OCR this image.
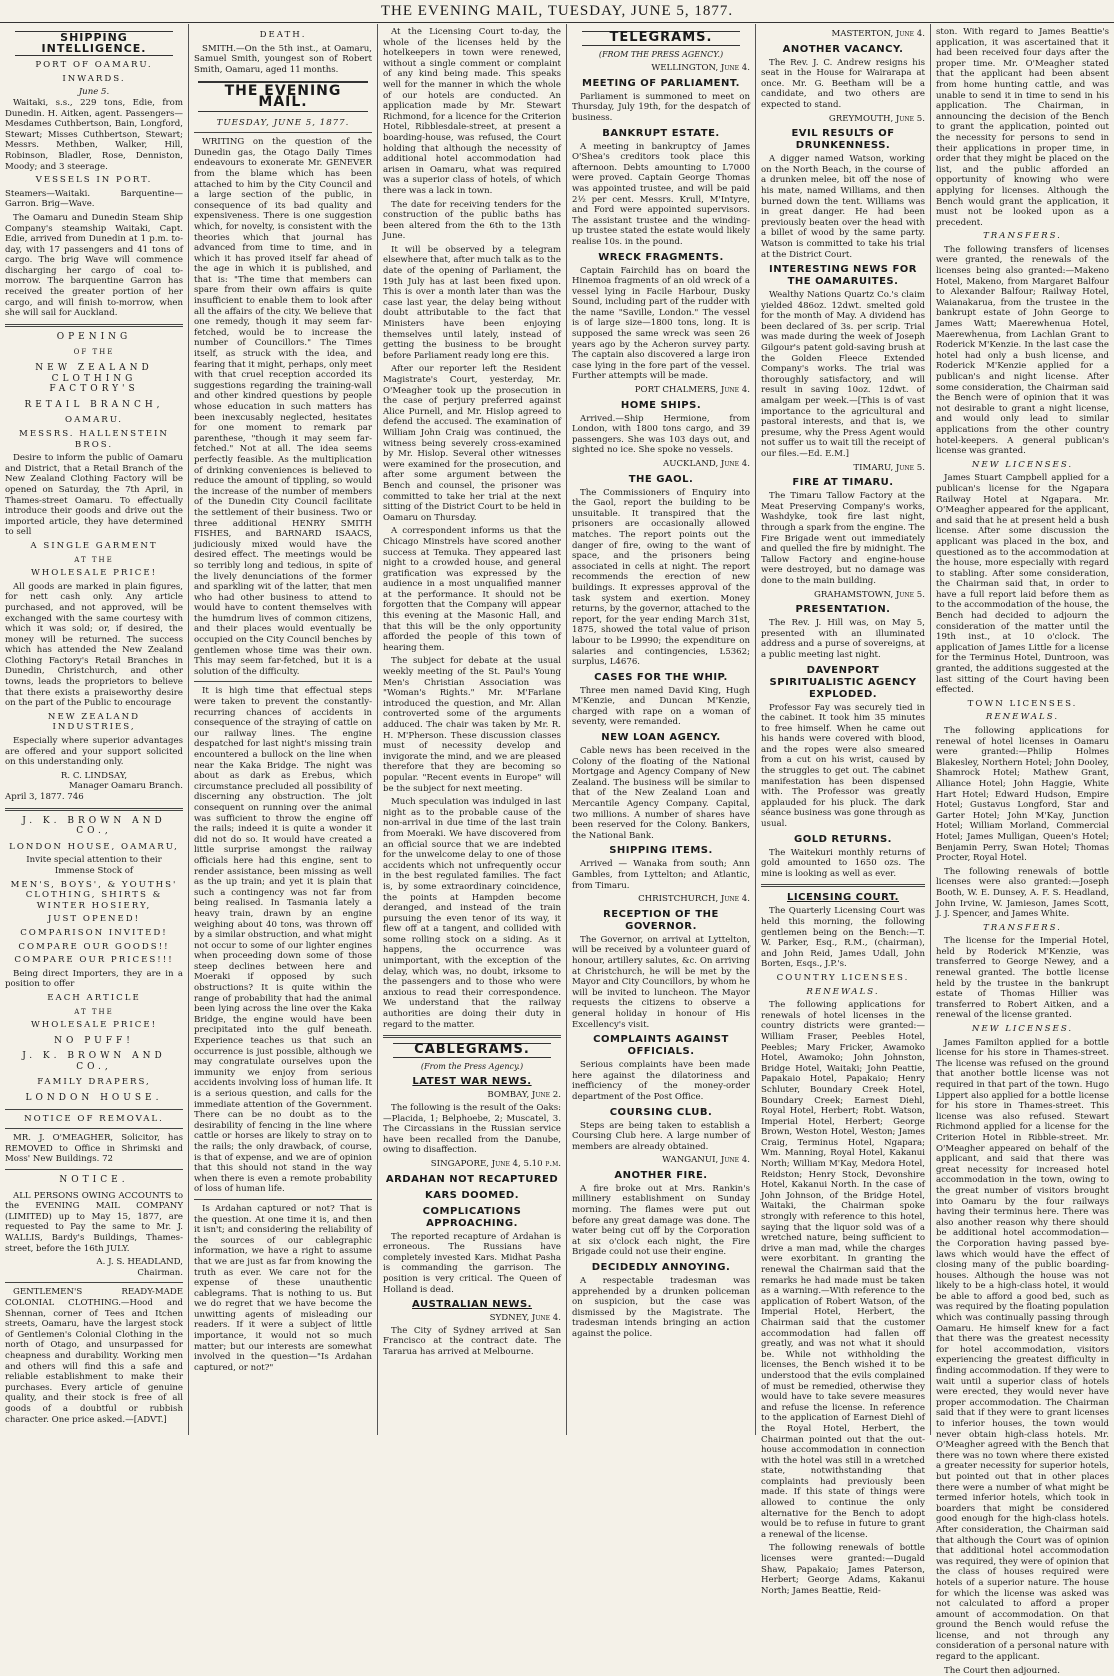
THE EVENING MAIL, TUESDAY, JUNE 5, 1877.
SHIPPING INTELLIGENCE.
PORT OF OAMARU.
INWARDS.
June 5.

Waitaki, s.s., 229 tons, Edie, from Dunedin. H. Aitken, agent. Passengers—Mesdames Cuthbertson, Bain, Longford, Stewart; Misses Cuthbertson, Stewart; Messrs. Methben, Walker, Hill, Robinson, Bladler, Rose, Denniston, Moody; and 3 steerage.

VESSELS IN PORT.

Steamers—Waitaki. Barquentine—Garron. Brig—Wave.

The Oamaru and Dunedin Steam Ship Company's steamship Waitaki, Capt. Edie, arrived from Dunedin at 1 p.m. to-day, with 17 passengers and 41 tons of cargo. The brig Wave will commence discharging her cargo of coal to-morrow. The barquentine Garron has received the greater portion of her cargo, and will finish to-morrow, when she will sail for Auckland.

OPENING
OF THE
NEW ZEALAND CLOTHING FACTORY'S
RETAIL BRANCH,
OAMARU.
MESSRS. HALLENSTEIN BROS.

Desire to inform the public of Oamaru and District, that a Retail Branch of the New Zealand Clothing Factory will be opened on Saturday, the 7th April, in Thames-street Oamaru. To effectually introduce their goods and drive out the imported article, they have determined to sell

A SINGLE GARMENT
AT THE
WHOLESALE PRICE!

All goods are marked in plain figures, for nett cash only. Any article purchased, and not approved, will be exchanged with the same courtesy with which it was sold; or, if desired, the money will be returned. The success which has attended the New Zealand Clothing Factory's Retail Branches in Dunedin, Christchurch, and other towns, leads the proprietors to believe that there exists a praiseworthy desire on the part of the Public to encourage

NEW ZEALAND INDUSTRIES,

Especially where superior advantages are offered and your support solicited on this understanding only.

R. C. LINDSAY,
Manager Oamaru Branch.
April 3, 1877. 746
J. K. BROWN AND CO.,
LONDON HOUSE, OAMARU,
Invite special attention to their Immense Stock of
MEN'S, BOYS', & YOUTHS' CLOTHING, SHIRTS & WINTER HOSIERY,
JUST OPENED!
COMPARISON INVITED!
COMPARE OUR GOODS!!
COMPARE OUR PRICES!!!

Being direct Importers, they are in a position to offer

EACH ARTICLE
AT THE
WHOLESALE PRICE!
NO PUFF!
J. K. BROWN AND CO.,
FAMILY DRAPERS,
LONDON HOUSE.
NOTICE OF REMOVAL.

MR. J. O'MEAGHER, Solicitor, has REMOVED to Office in Shrimski and Moss' New Buildings. 72

NOTICE.

ALL PERSONS OWING ACCOUNTS to the EVENING MAIL COMPANY (LIMITED) up to May 15, 1877, are requested to Pay the same to Mr. J. WALLIS, Bardy's Buildings, Thames-street, before the 16th JULY.

A. J. S. HEADLAND,
Chairman.

GENTLEMEN'S READY-MADE COLONIAL CLOTHING.—Hood and Shennan, corner of Tees and Itchen streets, Oamaru, have the largest stock of Gentlemen's Colonial Clothing in the north of Otago, and unsurpassed for cheapness and durability. Working men and others will find this a safe and reliable establishment to make their purchases. Every article of genuine quality, and their stock is free of all goods of a doubtful or rubbish character. One price asked.—[ADVT.]

DEATH.

SMITH.—On the 5th inst., at Oamaru, Samuel Smith, youngest son of Robert Smith, Oamaru, aged 11 months.

THE EVENING MAIL.
TUESDAY, JUNE 5, 1877.

WRITING on the question of the Dunedin gas, the Otago Daily Times endeavours to exonerate Mr. GENEVER from the blame which has been attached to him by the City Council and a large section of the public, in consequence of its bad quality and expensiveness. There is one suggestion which, for novelty, is consistent with the theories which that journal has advanced from time to time, and in which it has proved itself far ahead of the age in which it is published, and that is: "The time that members can spare from their own affairs is quite insufficient to enable them to look after all the affairs of the city. We believe that one remedy, though it may seem far-fetched, would be to increase the number of Councillors." The Times itself, as struck with the idea, and fearing that it might, perhaps, only meet with that cruel reception accorded its suggestions regarding the training-wall and other kindred questions by people whose education in such matters has been inexcusably neglected, hesitates for one moment to remark par parenthese, "though it may seem far-fetched." Not at all. The idea seems perfectly feasible. As the multiplication of drinking conveniences is believed to reduce the amount of tippling, so would the increase of the number of members of the Dunedin City Council facilitate the settlement of their business. Two or three additional HENRY SMITH FISHES, and BARNARD ISAACS, judiciously mixed would have the desired effect. The meetings would be so terribly long and tedious, in spite of the lively denunciations of the former and sparkling wit of the latter, that men who had other business to attend to would have to content themselves with the humdrum lives of common citizens, and their places would eventually be occupied on the City Council benches by gentlemen whose time was their own. This may seem far-fetched, but it is a solution of the difficulty.

It is high time that effectual steps were taken to prevent the constantly-recurring chances of accidents in consequence of the straying of cattle on our railway lines. The engine despatched for last night's missing train encountered a bullock on the line when near the Kaka Bridge. The night was about as dark as Erebus, which circumstance precluded all possibility of discerning any obstruction. The jolt consequent on running over the animal was sufficient to throw the engine off the rails; indeed it is quite a wonder it did not do so. It would have created a little surprise amongst the railway officials here had this engine, sent to render assistance, been missing as well as the up train; and yet it is plain that such a contingency was not far from being realised. In Tasmania lately a heavy train, drawn by an engine weighing about 40 tons, was thrown off by a similar obstruction, and what might not occur to some of our lighter engines when proceeding down some of those steep declines between here and Moeraki if opposed by such obstructions? It is quite within the range of probability that had the animal been lying across the line over the Kaka Bridge, the engine would have been precipitated into the gulf beneath. Experience teaches us that such an occurrence is just possible, although we may congratulate ourselves upon the immunity we enjoy from serious accidents involving loss of human life. It is a serious question, and calls for the immediate attention of the Government. There can be no doubt as to the desirability of fencing in the line where cattle or horses are likely to stray on to the rails; the only drawback, of course, is that of expense, and we are of opinion that this should not stand in the way when there is even a remote probability of loss of human life.

Is Ardahan captured or not? That is the question. At one time it is, and then it isn't; and considering the reliability of the sources of our cablegraphic information, we have a right to assume that we are just as far from knowing the truth as ever. We care not for the expense of these unauthentic cablegrams. That is nothing to us. But we do regret that we have become the unwitting agents of misleading our readers. If it were a subject of little importance, it would not so much matter; but our interests are somewhat involved in the question—"Is Ardahan captured, or not?"

At the Licensing Court to-day, the whole of the licenses held by the hotelkeepers in town were renewed, without a single comment or complaint of any kind being made. This speaks well for the manner in which the whole of our hotels are conducted. An application made by Mr. Stewart Richmond, for a licence for the Criterion Hotel, Ribblesdale-street, at present a boarding-house, was refused, the Court holding that although the necessity of additional hotel accommodation had arisen in Oamaru, what was required was a superior class of hotels, of which there was a lack in town.

The date for receiving tenders for the construction of the public baths has been altered from the 6th to the 13th June.

It will be observed by a telegram elsewhere that, after much talk as to the date of the opening of Parliament, the 19th July has at last been fixed upon. This is over a month later than was the case last year, the delay being without doubt attributable to the fact that Ministers have been enjoying themselves until lately, instead of getting the business to be brought before Parliament ready long ere this.

After our reporter left the Resident Magistrate's Court, yesterday, Mr. O'Meagher took up the prosecution in the case of perjury preferred against Alice Purnell, and Mr. Hislop agreed to defend the accused. The examination of William John Craig was continued, the witness being severely cross-examined by Mr. Hislop. Several other witnesses were examined for the prosecution, and after some argument between the Bench and counsel, the prisoner was committed to take her trial at the next sitting of the District Court to be held in Oamaru on Thursday.

A correspondent informs us that the Chicago Minstrels have scored another success at Temuka. They appeared last night to a crowded house, and general gratification was expressed by the audience in a most unqualified manner at the performance. It should not be forgotten that the Company will appear this evening at the Masonic Hall, and that this will be the only opportunity afforded the people of this town of hearing them.

The subject for debate at the usual weekly meeting of the St. Paul's Young Men's Christian Association was "Woman's Rights." Mr. M'Farlane introduced the question, and Mr. Allan controverted some of the arguments adduced. The chair was taken by Mr. R. H. M'Pherson. These discussion classes must of necessity develop and invigorate the mind, and we are pleased therefore that they are becoming so popular. "Recent events in Europe" will be the subject for next meeting.

Much speculation was indulged in last night as to the probable cause of the non-arrival in due time of the last train from Moeraki. We have discovered from an official source that we are indebted for the unwelcome delay to one of those accidents which not unfrequently occur in the best regulated families. The fact is, by some extraordinary coincidence, the points at Hampden become deranged, and instead of the train pursuing the even tenor of its way, it flew off at a tangent, and collided with some rolling stock on a siding. As it happens, the occurrence was unimportant, with the exception of the delay, which was, no doubt, irksome to the passengers and to those who were anxious to read their correspondence. We understand that the railway authorities are doing their duty in regard to the matter.

CABLEGRAMS.
(From the Press Agency.)
LATEST WAR NEWS.
BOMBAY, June 2.

The following is the result of the Oaks:—Placida, 1; Belphoebe, 2; Muscatel, 3. The Circassians in the Russian service have been recalled from the Danube, owing to disaffection.

SINGAPORE, June 4, 5.10 p.m.
ARDAHAN NOT RECAPTURED
KARS DOOMED.
COMPLICATIONS APPROACHING.

The reported recapture of Ardahan is erroneous. The Russians have completely invested Kars. Midhat Pasha is commanding the garrison. The position is very critical. The Queen of Holland is dead.

AUSTRALIAN NEWS.
SYDNEY, June 4.

The City of Sydney arrived at San Francisco at the contract date. The Tararua has arrived at Melbourne.

TELEGRAMS.
(FROM THE PRESS AGENCY.)
WELLINGTON, June 4.
MEETING OF PARLIAMENT.

Parliament is summoned to meet on Thursday, July 19th, for the despatch of business.

BANKRUPT ESTATE.

A meeting in bankruptcy of James O'Shea's creditors took place this afternoon. Debts amounting to L7000 were proved. Captain George Thomas was appointed trustee, and will be paid 2½ per cent. Messrs. Krull, M'Intyre, and Ford were appointed supervisors. The assistant trustee and the winding-up trustee stated the estate would likely realise 10s. in the pound.

WRECK FRAGMENTS.

Captain Fairchild has on board the Hinemoa fragments of an old wreck of a vessel lying in Facile Harbour, Dusky Sound, including part of the rudder with the name "Saville, London." The vessel is of large size—1800 tons, long. It is supposed the same wreck was seen 26 years ago by the Acheron survey party. The captain also discovered a large iron case lying in the fore part of the vessel. Further attempts will be made.

PORT CHALMERS, June 4.
HOME SHIPS.

Arrived.—Ship Hermione, from London, with 1800 tons cargo, and 39 passengers. She was 103 days out, and sighted no ice. She spoke no vessels.

AUCKLAND, June 4.
THE GAOL.

The Commissioners of Enquiry into the Gaol, report the building to be unsuitable. It transpired that the prisoners are occasionally allowed matches. The report points out the danger of fire, owing to the want of space, and the prisoners being associated in cells at night. The report recommends the erection of new buildings. It expresses approval of the task system and exertion. Money returns, by the governor, attached to the report, for the year ending March 31st, 1875, showed the total value of prison labour to be L9990; the expenditure on salaries and contingencies, L5362; surplus, L4676.

CASES FOR THE WHIP.

Three men named David King, Hugh M'Kenzie, and Duncan M'Kenzie, charged with rape on a woman of seventy, were remanded.

NEW LOAN AGENCY.

Cable news has been received in the Colony of the floating of the National Mortgage and Agency Company of New Zealand. The business will be similar to that of the New Zealand Loan and Mercantile Agency Company. Capital, two millions. A number of shares have been reserved for the Colony. Bankers, the National Bank.

SHIPPING ITEMS.

Arrived — Wanaka from south; Ann Gambles, from Lyttelton; and Atlantic, from Timaru.

CHRISTCHURCH, June 4.
RECEPTION OF THE GOVERNOR.

The Governor, on arrival at Lyttelton, will be received by a volunteer guard of honour, artillery salutes, &c. On arriving at Christchurch, he will be met by the Mayor and City Councillors, by whom he will be invited to luncheon. The Mayor requests the citizens to observe a general holiday in honour of His Excellency's visit.

COMPLAINTS AGAINST OFFICIALS.

Serious complaints have been made here against the dilatoriness and inefficiency of the money-order department of the Post Office.

COURSING CLUB.

Steps are being taken to establish a Coursing Club here. A large number of members are already obtained.

WANGANUI, June 4.
ANOTHER FIRE.

A fire broke out at Mrs. Rankin's millinery establishment on Sunday morning. The flames were put out before any great damage was done. The water being cut off by the Corporation at six o'clock each night, the Fire Brigade could not use their engine.

DECIDEDLY ANNOYING.

A respectable tradesman was apprehended by a drunken policeman on suspicion, but the case was dismissed by the Magistrate. The tradesman intends bringing an action against the police.

MASTERTON, June 4.
ANOTHER VACANCY.

The Rev. J. C. Andrew resigns his seat in the House for Wairarapa at once. Mr. G. Beetham will be a candidate, and two others are expected to stand.

GREYMOUTH, June 5.
EVIL RESULTS OF DRUNKENNESS.

A digger named Watson, working on the North Beach, in the course of a drunken melee, bit off the nose of his mate, named Williams, and then burned down the tent. Williams was in great danger. He had been previously beaten over the head with a billet of wood by the same party. Watson is committed to take his trial at the District Court.

INTERESTING NEWS FOR THE OAMARUITES.

Wealthy Nations Quartz Co.'s claim yielded 486oz. 12dwt. smelted gold for the month of May. A dividend has been declared of 3s. per scrip. Trial was made during the week of Joseph Gilgour's patent gold-saving brush at the Golden Fleece Extended Company's works. The trial was thoroughly satisfactory, and will result in saving 10oz. 12dwt. of amalgam per week.—[This is of vast importance to the agricultural and pastoral interests, and that is, we presume, why the Press Agent would not suffer us to wait till the receipt of our files.—Ed. E.M.]

TIMARU, June 5.
FIRE AT TIMARU.

The Timaru Tallow Factory at the Meat Preserving Company's works, Washdyke, took fire last night, through a spark from the engine. The Fire Brigade went out immediately and quelled the fire by midnight. The Tallow Factory and engine-house were destroyed, but no damage was done to the main building.

GRAHAMSTOWN, June 5.
PRESENTATION.

The Rev. J. Hill was, on May 5, presented with an illuminated address and a purse of sovereigns, at a public meeting last night.

DAVENPORT SPIRITUALISTIC AGENCY EXPLODED.

Professor Fay was securely tied in the cabinet. It took him 35 minutes to free himself. When he came out his hands were covered with blood, and the ropes were also smeared from a cut on his wrist, caused by the struggles to get out. The cabinet manifestation has been dispensed with. The Professor was greatly applauded for his pluck. The dark séance business was gone through as usual.

GOLD RETURNS.

The Waitekuri monthly returns of gold amounted to 1650 ozs. The mine is looking as well as ever.

LICENSING COURT.

The Quarterly Licensing Court was held this morning, the following gentlemen being on the Bench:—T. W. Parker, Esq., R.M., (chairman), and John Reid, James Udall, John Borten, Esqs., J.P.'s.

COUNTRY LICENSES.
RENEWALS.

The following applications for renewals of hotel licenses in the country districts were granted:—William Fraser, Peebles Hotel, Peebles; Mary Fricker, Awamoko Hotel, Awamoko; John Johnston, Bridge Hotel, Waitaki; John Peattie, Papakaio Hotel, Papakaio; Henry Schluter, Boundary Creek Hotel, Boundary Creek; Earnest Diehl, Royal Hotel, Herbert; Robt. Watson, Imperial Hotel, Herbert; George Brown, Weston Hotel, Weston; James Craig, Terminus Hotel, Ngapara; Wm. Manning, Royal Hotel, Kakanui North; William M'Kay, Medora Hotel, Reidston; Henry Stock, Devonshire Hotel, Kakanui North. In the case of John Johnson, of the Bridge Hotel, Waitaki, the Chairman spoke strongly with reference to this hotel, saying that the liquor sold was of a wretched nature, being sufficient to drive a man mad, while the charges were exorbitant. In granting the renewal the Chairman said that the remarks he had made must be taken as a warning.—With reference to the application of Robert Watson, of the Imperial Hotel, Herbert, the Chairman said that the customer accommodation had fallen off greatly, and was not what it should be. While not withholding the licenses, the Bench wished it to be understood that the evils complained of must be remedied, otherwise they would have to take severe measures and refuse the license. In reference to the application of Earnest Diehl of the Royal Hotel, Herbert, the Chairman pointed out that the out-house accommodation in connection with the hotel was still in a wretched state, notwithstanding that complaints had previously been made. If this state of things were allowed to continue the only alternative for the Bench to adopt would be to refuse in future to grant a renewal of the license.

The following renewals of bottle licenses were granted:—Dugald Shaw, Papakaio; James Paterson, Herbert; George Adams, Kakanui North; James Beattie, Reid-

ston. With regard to James Beattie's application, it was ascertained that it had been received four days after the proper time. Mr. O'Meagher stated that the applicant had been absent from home hunting cattle, and was unable to send it in time to send in his application. The Chairman, in announcing the decision of the Bench to grant the application, pointed out the necessity for persons to send in their applications in proper time, in order that they might be placed on the list, and the public afforded an opportunity of knowing who were applying for licenses. Although the Bench would grant the application, it must not be looked upon as a precedent.

TRANSFERS.

The following transfers of licenses were granted, the renewals of the licenses being also granted:—Makeno Hotel, Makeno, from Margaret Balfour to Alexander Balfour; Railway Hotel, Waianakarua, from the trustee in the bankrupt estate of John George to James Watt; Maerewhenua Hotel, Maerewhenua, from Lachlan Grant to Roderick M'Kenzie. In the last case the hotel had only a bush license, and Roderick M'Kenzie applied for a publican's and night license. After some consideration, the Chairman said the Bench were of opinion that it was not desirable to grant a night license, and would only lead to similar applications from the other country hotel-keepers. A general publican's license was granted.

NEW LICENSES.

James Stuart Campbell applied for a publican's license for the Ngapara Railway Hotel at Ngapara. Mr. O'Meagher appeared for the applicant, and said that he at present held a bush license. After some discussion the applicant was placed in the box, and questioned as to the accommodation at the house, more especially with regard to stabling. After some consideration, the Chairman said that, in order to have a full report laid before them as to the accommodation of the house, the Bench had decided to adjourn the consideration of the matter until the 19th inst., at 10 o'clock. The application of James Little for a license for the Terminus Hotel, Duntroon, was granted, the additions suggested at the last sitting of the Court having been effected.

TOWN LICENSES.
RENEWALS.

The following applications for renewal of hotel licenses in Oamaru were granted:—Philip Holmes Blakesley, Northern Hotel; John Dooley, Shamrock Hotel; Mathew Grant, Alliance Hotel; John Haggie, White Hart Hotel; Edward Hudson, Empire Hotel; Gustavus Longford, Star and Garter Hotel; John M'Kay, Junction Hotel; William Morland, Commercial Hotel; James Mulligan, Queen's Hotel; Benjamin Perry, Swan Hotel; Thomas Procter, Royal Hotel.

The following renewals of bottle licenses were also granted:—Joseph Booth, W. E. Dunsey, A. F. S. Headland, John Irvine, W. Jamieson, James Scott, J. J. Spencer, and James White.

TRANSFERS.

The license for the Imperial Hotel, held by Roderick M'Kenzie, was transferred to George Newey, and a renewal granted. The bottle license held by the trustee in the bankrupt estate of Thomas Hillier was transferred to Robert Aitken, and a renewal of the license granted.

NEW LICENSES.

James Familton applied for a bottle license for his store in Thames-street. The license was refused on the ground that another bottle license was not required in that part of the town. Hugo Lippert also applied for a bottle license for his store in Thames-street. This license was also refused. Stewart Richmond applied for a license for the Criterion Hotel in Ribble-street. Mr. O'Meagher appeared on behalf of the applicant, and said that there was great necessity for increased hotel accommodation in the town, owing to the great number of visitors brought into Oamaru by the four railways having their terminus here. There was also another reason why there should be additional hotel accommodation—the Corporation having passed bye-laws which would have the effect of closing many of the public boarding-houses. Although the house was not likely to be a high-class hotel, it would be able to afford a good bed, such as was required by the floating population which was continually passing through Oamaru. He himself knew for a fact that there was the greatest necessity for hotel accommodation, visitors experiencing the greatest difficulty in finding accommodation. If they were to wait until a superior class of hotels were erected, they would never have proper accommodation. The Chairman said that if they were to grant licenses to inferior houses, the town would never obtain high-class hotels. Mr. O'Meagher agreed with the Bench that there was no town where there existed a greater necessity for superior hotels, but pointed out that in other places there were a number of what might be termed inferior hotels, which took in boarders that might be considered good enough for the high-class hotels. After consideration, the Chairman said that although the Court was of opinion that additional hotel accommodation was required, they were of opinion that the class of houses required were hotels of a superior nature. The house for which the license was asked was not calculated to afford a proper amount of accommodation. On that ground the Bench would refuse the license, and not through any consideration of a personal nature with regard to the applicant.

The Court then adjourned.
